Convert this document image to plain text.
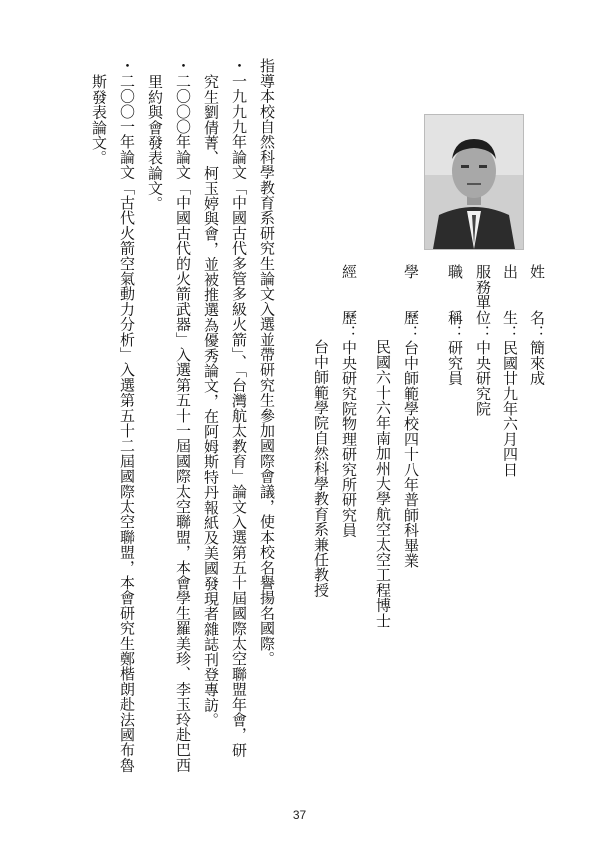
姓　　名：簡來成
出　　生：民國廿九年六月四日
服務單位：中央研究院
職　　稱：研究員
學　　歷：台中師範學校四十八年普師科畢業
民國六十六年南加州大學航空太空工程博士
經　　歷：中央研究院物理研究所研究員
台中師範學院自然科學教育系兼任教授
指導本校自然科學教育系研究生論文入選並帶研究生參加國際會議，使本校名譽揚名國際。
・一九九九年論文「中國古代多管多級火箭」、「台灣航太教育」論文入選第五十屆國際太空聯盟年會，研
究生劉倩菁、柯玉婷與會，並被推選為優秀論文，在阿姆斯特丹報紙及美國發現者雜誌刊登專訪。
・二〇〇〇年論文「中國古代的火箭武器」入選第五十一屆國際太空聯盟，本會學生羅美珍、李玉玲赴巴西
里約與會發表論文。
・二〇〇一年論文「古代火箭空氣動力分析」入選第五十二屆國際太空聯盟，本會研究生鄭楷朗赴法國布魯
斯發表論文。
37
